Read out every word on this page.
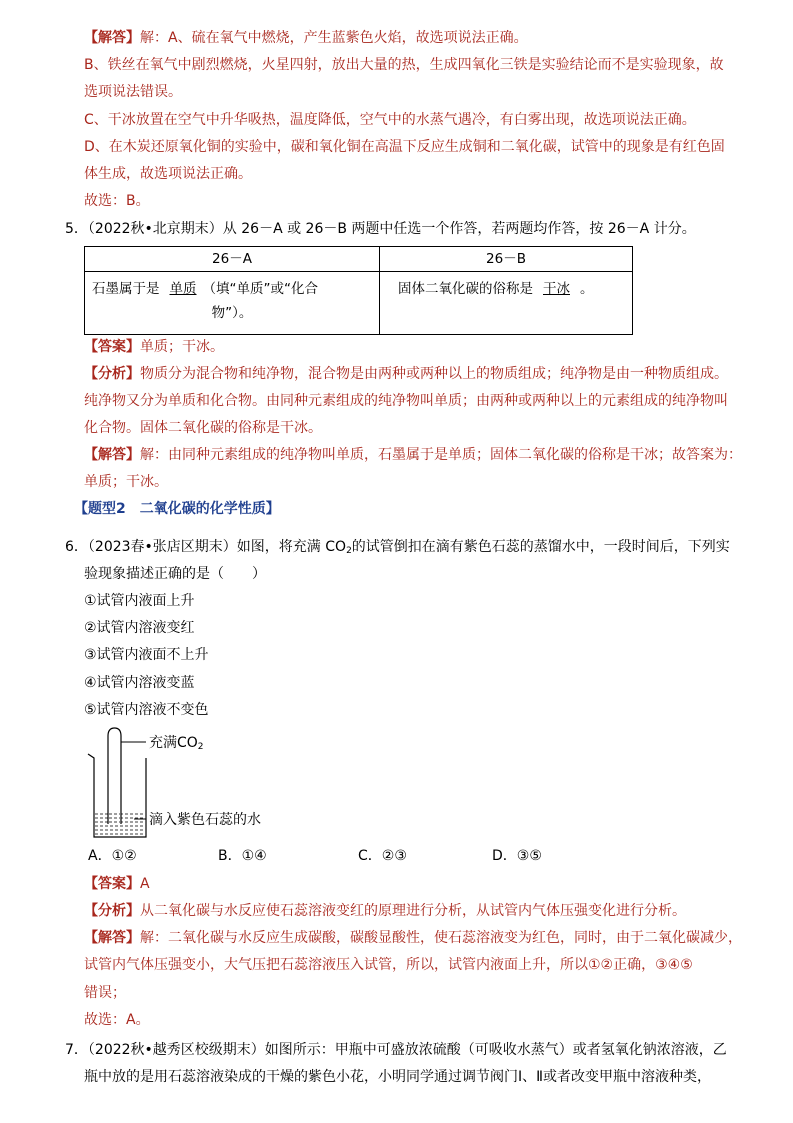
【解答】解：A、硫在氧气中燃烧，产生蓝紫色火焰，故选项说法正确。
B、铁丝在氧气中剧烈燃烧，火星四射，放出大量的热，生成四氧化三铁是实验结论而不是实验现象，故
选项说法错误。
C、干冰放置在空气中升华吸热，温度降低，空气中的水蒸气遇冷，有白雾出现，故选项说法正确。
D、在木炭还原氧化铜的实验中，碳和氧化铜在高温下反应生成铜和二氧化碳，试管中的现象是有红色固
体生成，故选项说法正确。
故选：B。
5．（2022秋•北京期末）从 26－A 或 26－B 两题中任选一个作答，若两题均作答，按 26－A 计分。
26－A	26－B

石墨属于是 单质 （填“单质”或“化合
物”）。	固体二氧化碳的俗称是 干冰 。
【答案】单质；干冰。
【分析】物质分为混合物和纯净物，混合物是由两种或两种以上的物质组成；纯净物是由一种物质组成。
纯净物又分为单质和化合物。由同种元素组成的纯净物叫单质；由两种或两种以上的元素组成的纯净物叫
化合物。固体二氧化碳的俗称是干冰。
【解答】解：由同种元素组成的纯净物叫单质，石墨属于是单质；固体二氧化碳的俗称是干冰；故答案为：
单质；干冰。
【题型2　二氧化碳的化学性质】
6．（2023春•张店区期末）如图，将充满 $CO_2$的试管倒扣在滴有紫色石蕊的蒸馏水中，一段时间后，下列实
验现象描述正确的是（　　）
①试管内液面上升
②试管内溶液变红
③试管内液面不上升
④试管内溶液变蓝
⑤试管内溶液不变色
充满$CO_2$
滴入紫色石蕊的水
A．①②	B．①④	C．②③	D．③⑤
【答案】A
【分析】从二氧化碳与水反应使石蕊溶液变红的原理进行分析，从试管内气体压强变化进行分析。
【解答】解：二氧化碳与水反应生成碳酸，碳酸显酸性，使石蕊溶液变为红色，同时，由于二氧化碳减少，
试管内气体压强变小，大气压把石蕊溶液压入试管，所以，试管内液面上升，所以①②正确，③④⑤
错误；
故选：A。
7．（2022秋•越秀区校级期末）如图所示：甲瓶中可盛放浓硫酸（可吸收水蒸气）或者氢氧化钠浓溶液，乙
瓶中放的是用石蕊溶液染成的干燥的紫色小花，小明同学通过调节阀门Ⅰ、Ⅱ或者改变甲瓶中溶液种类，
